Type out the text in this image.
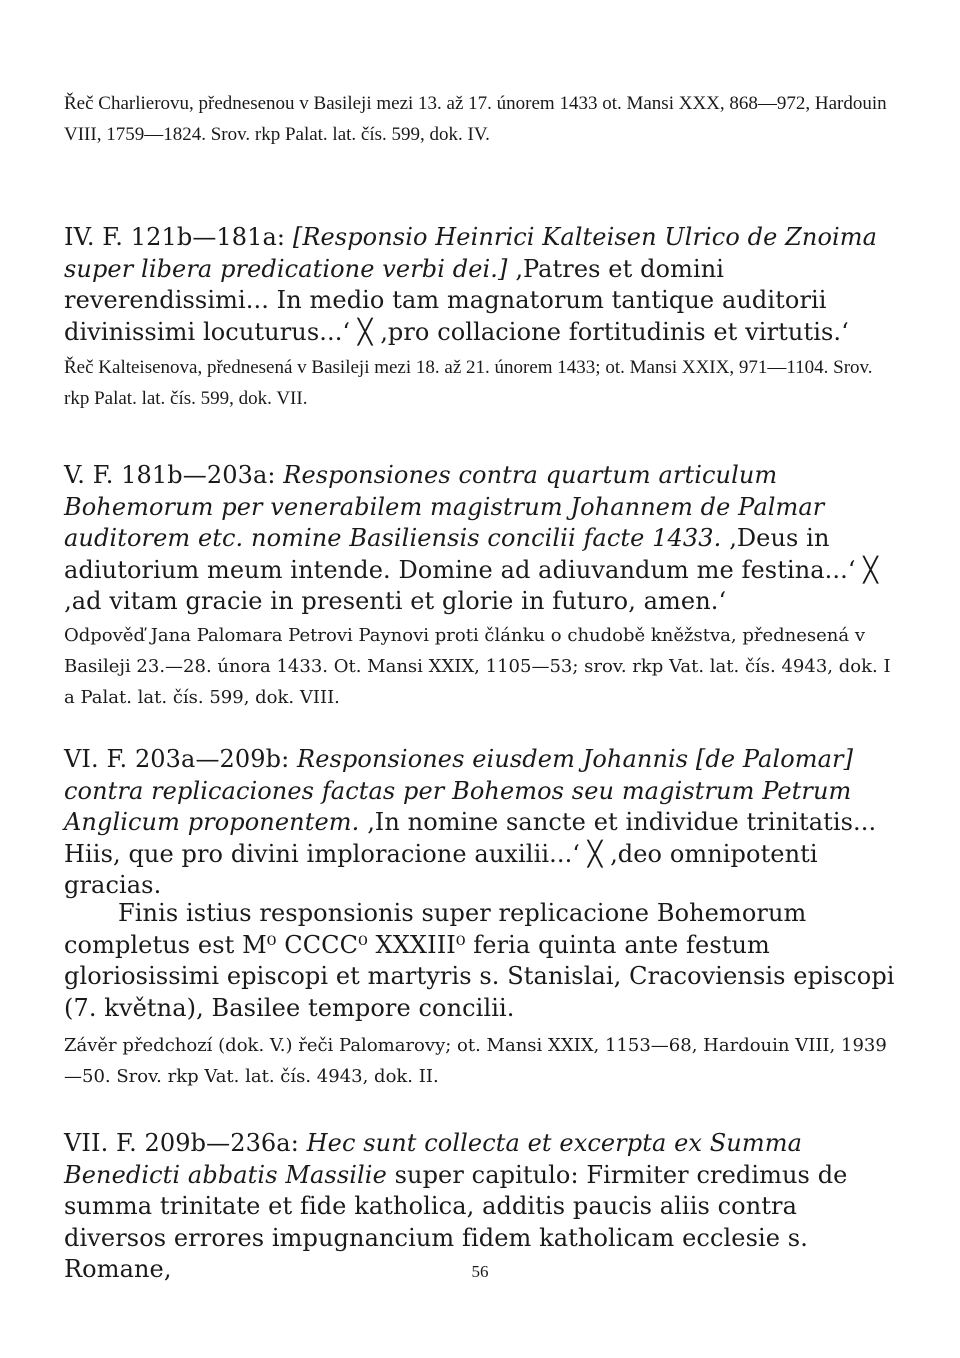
Řeč Charlierovu, přednesenou v Basileji mezi 13. až 17. únorem 1433 ot. Mansi XXX, 868—972, Hardouin VIII, 1759—1824. Srov. rkp Palat. lat. čís. 599, dok. IV.

IV. F. 121b—181a: [Responsio Heinrici Kalteisen Ulrico de Znoima super libera predicatione verbi dei.] ‚Patres et domini reverendissimi... In medio tam magnatorum tantique auditorii divinissimi locuturus...‘ ╳ ‚pro collacione fortitudinis et virtutis.‘

Řeč Kalteisenova, přednesená v Basileji mezi 18. až 21. únorem 1433; ot. Mansi XXIX, 971—1104. Srov. rkp Palat. lat. čís. 599, dok. VII.

V. F. 181b—203a: Responsiones contra quartum articulum Bohemorum per venerabilem magistrum Johannem de Palmar auditorem etc. nomine Basiliensis concilii facte 1433. ‚Deus in adiutorium meum intende. Domine ad adiuvandum me festina...‘ ╳ ‚ad vitam gracie in presenti et glorie in futuro, amen.‘

Odpověď Jana Palomara Petrovi Paynovi proti článku o chudobě kněžstva, přednesená v Basileji 23.—28. února 1433. Ot. Mansi XXIX, 1105—53; srov. rkp Vat. lat. čís. 4943, dok. I a Palat. lat. čís. 599, dok. VIII.

VI. F. 203a—209b: Responsiones eiusdem Johannis [de Palomar] contra replicaciones factas per Bohemos seu magistrum Petrum Anglicum proponentem. ‚In nomine sancte et individue trinitatis... Hiis, que pro divini imploracione auxilii...‘ ╳ ‚deo omnipotenti gracias.

Finis istius responsionis super replicacione Bohemorum completus est M⁰ CCCC⁰ XXXIII⁰ feria quinta ante festum gloriosissimi episcopi et martyris s. Stanislai, Cracoviensis episcopi (7. května), Basilee tempore concilii.

Závěr předchozí (dok. V.) řeči Palomarovy; ot. Mansi XXIX, 1153—68, Hardouin VIII, 1939—50. Srov. rkp Vat. lat. čís. 4943, dok. II.

VII. F. 209b—236a: Hec sunt collecta et excerpta ex Summa Benedicti abbatis Massilie super capitulo: Firmiter credimus de summa trinitate et fide katholica, additis paucis aliis contra diversos errores impugnancium fidem katholicam ecclesie s. Romane,	56
